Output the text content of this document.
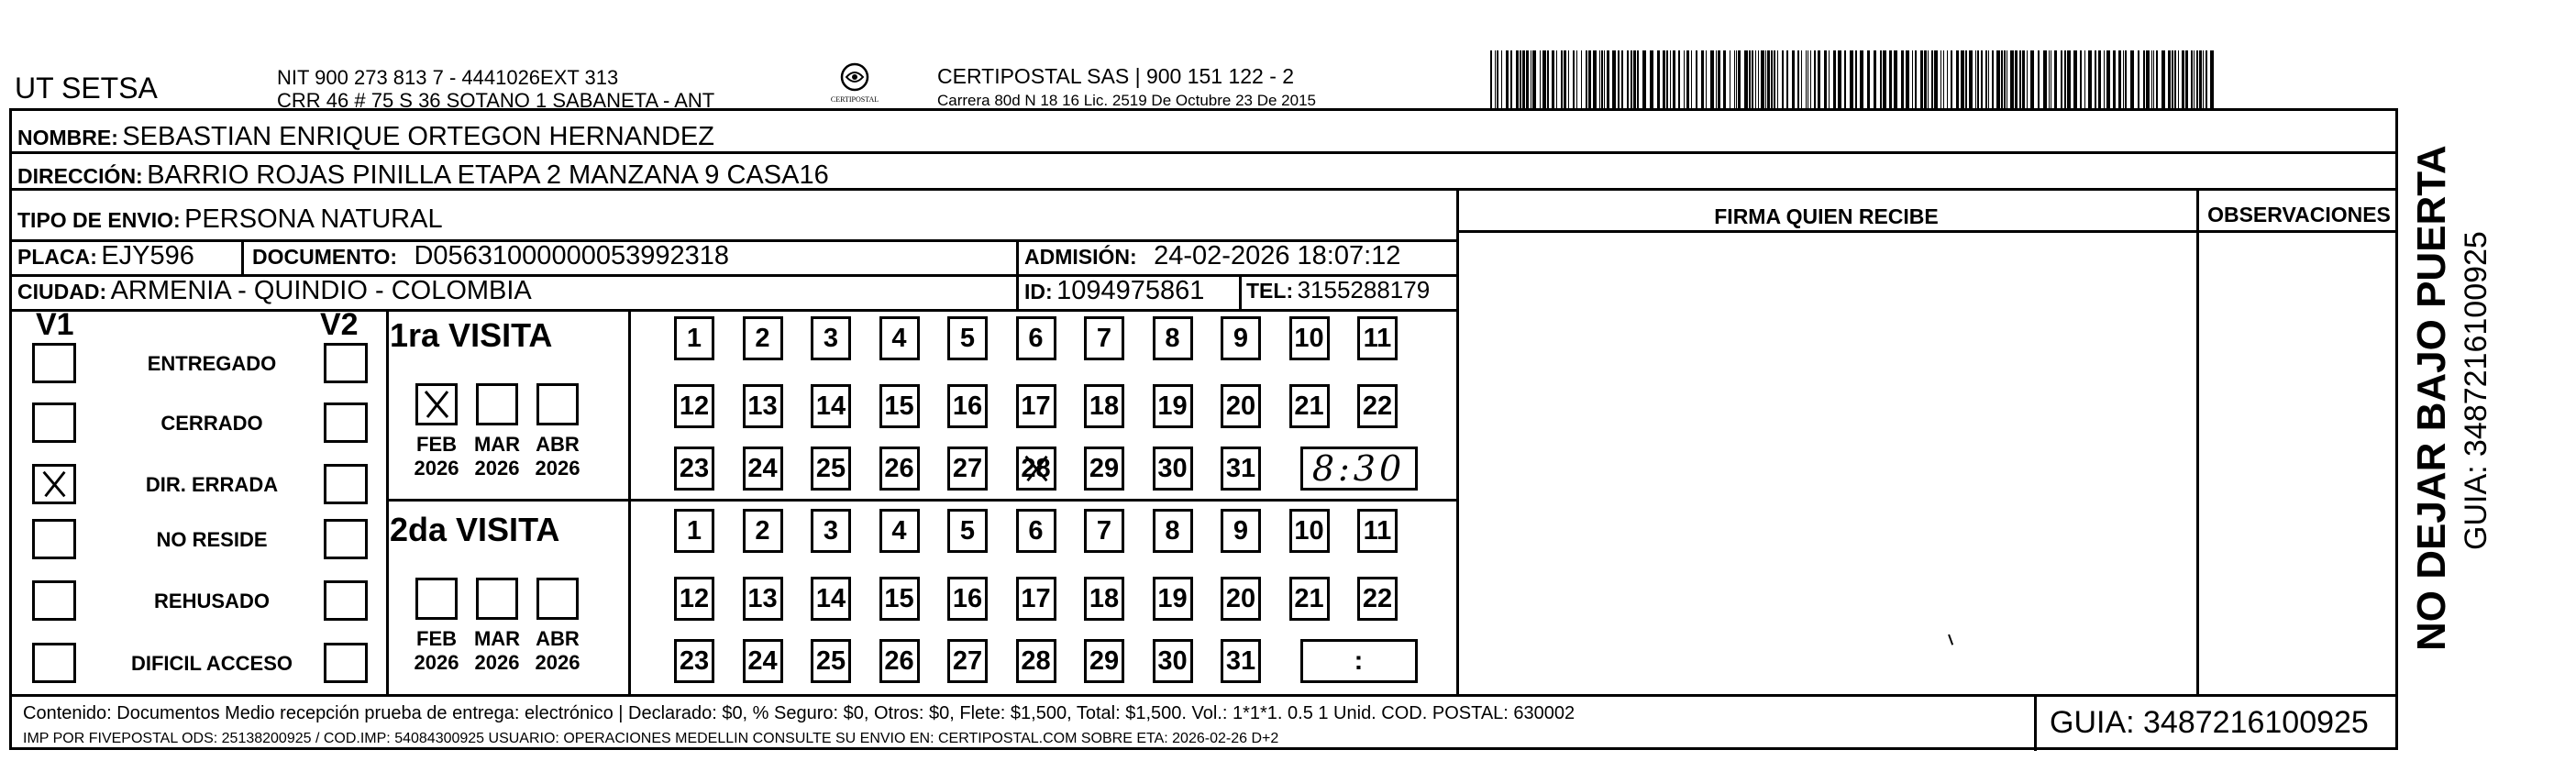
UT SETSA	NIT 900 273 813 7 - 4441026EXT 313
CRR 46 # 75 S 36 SOTANO 1 SABANETA - ANT	CERTIPOSTAL
CERTIPOSTAL SAS | 900 151 122 - 2
Carrera 80d N 18 16 Lic. 2519 De Octubre 23 De 2015
NOMBRE: SEBASTIAN ENRIQUE ORTEGON HERNANDEZ
DIRECCIÓN: BARRIO ROJAS PINILLA ETAPA 2 MANZANA 9 CASA16
TIPO DE ENVIO: PERSONA NATURAL
PLACA: EJY596	DOCUMENTO: D05631000000053992318	ADMISIÓN: 24-02-2026 18:07:12
CIUDAD: ARMENIA - QUINDIO - COLOMBIA	ID: 1094975861 TEL: 3155288179
FIRMA QUIEN RECIBE	OBSERVACIONES
V1	V2
ENTREGADO
CERRADO
DIR. ERRADA
NO RESIDE
REHUSADO
DIFICIL ACCESO
1ra VISITA
FEB
2026
MAR
2026
ABR
2026
1	2	3	4	5	6	7	8	9	10 11
12 13 14 15 16 17 18 19 20 21 22
23 24 25 26 27 28 29 30 31	8:30
2da VISITA
FEB
2026
MAR
2026
ABR
2026
1	2	3	4	5	6	7	8	9	10 11
12 13 14 15 16 17 18 19 20 21 22
23 24 25 26 27 28 29 30 31	:
Contenido: Documentos Medio recepción prueba de entrega: electrónico | Declarado: $0, % Seguro: $0, Otros: $0, Flete: $1,500, Total: $1,500. Vol.: 1*1*1. 0.5 1 Unid. COD. POSTAL: 630002
IMP POR FIVEPOSTAL ODS: 25138200925 / COD.IMP: 54084300925 USUARIO: OPERACIONES MEDELLIN CONSULTE SU ENVIO EN: CERTIPOSTAL.COM SOBRE ETA: 2026-02-26 D+2	GUIA: 3487216100925
NO DEJAR BAJO PUERTA GUIA: 3487216100925
